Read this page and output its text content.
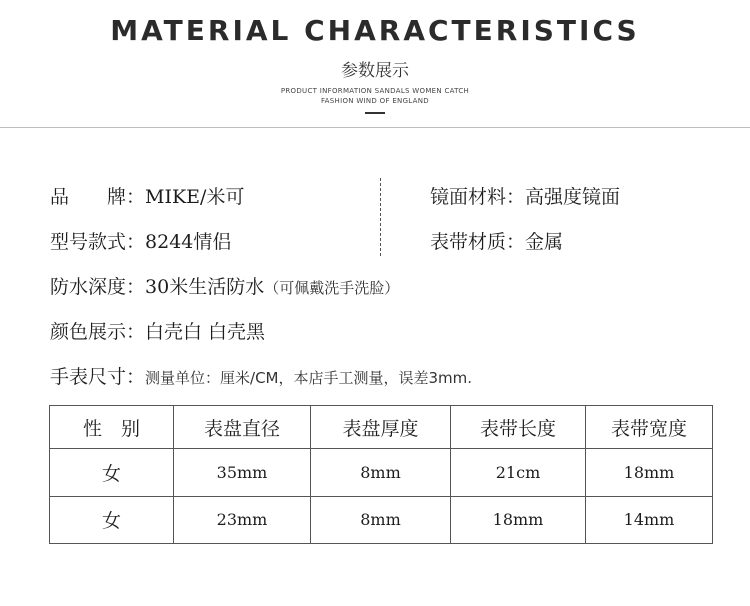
MATERIAL CHARACTERISTICS
参数展示
PRODUCT INFORMATION SANDALS WOMEN CATCH
FASHION WIND OF ENGLAND
品　　牌：MIKE/米可
型号款式：8244情侣
镜面材料：高强度镜面
表带材质：金属
防水深度：30米生活防水（可佩戴洗手洗脸）
颜色展示：白壳白 白壳黑
手表尺寸：测量单位：厘米/CM，本店手工测量，误差3mm.
性　别	表盘直径	表盘厚度	表带长度	表带宽度
女	35mm	8mm	21cm	18mm
女	23mm	8mm	18mm	14mm
